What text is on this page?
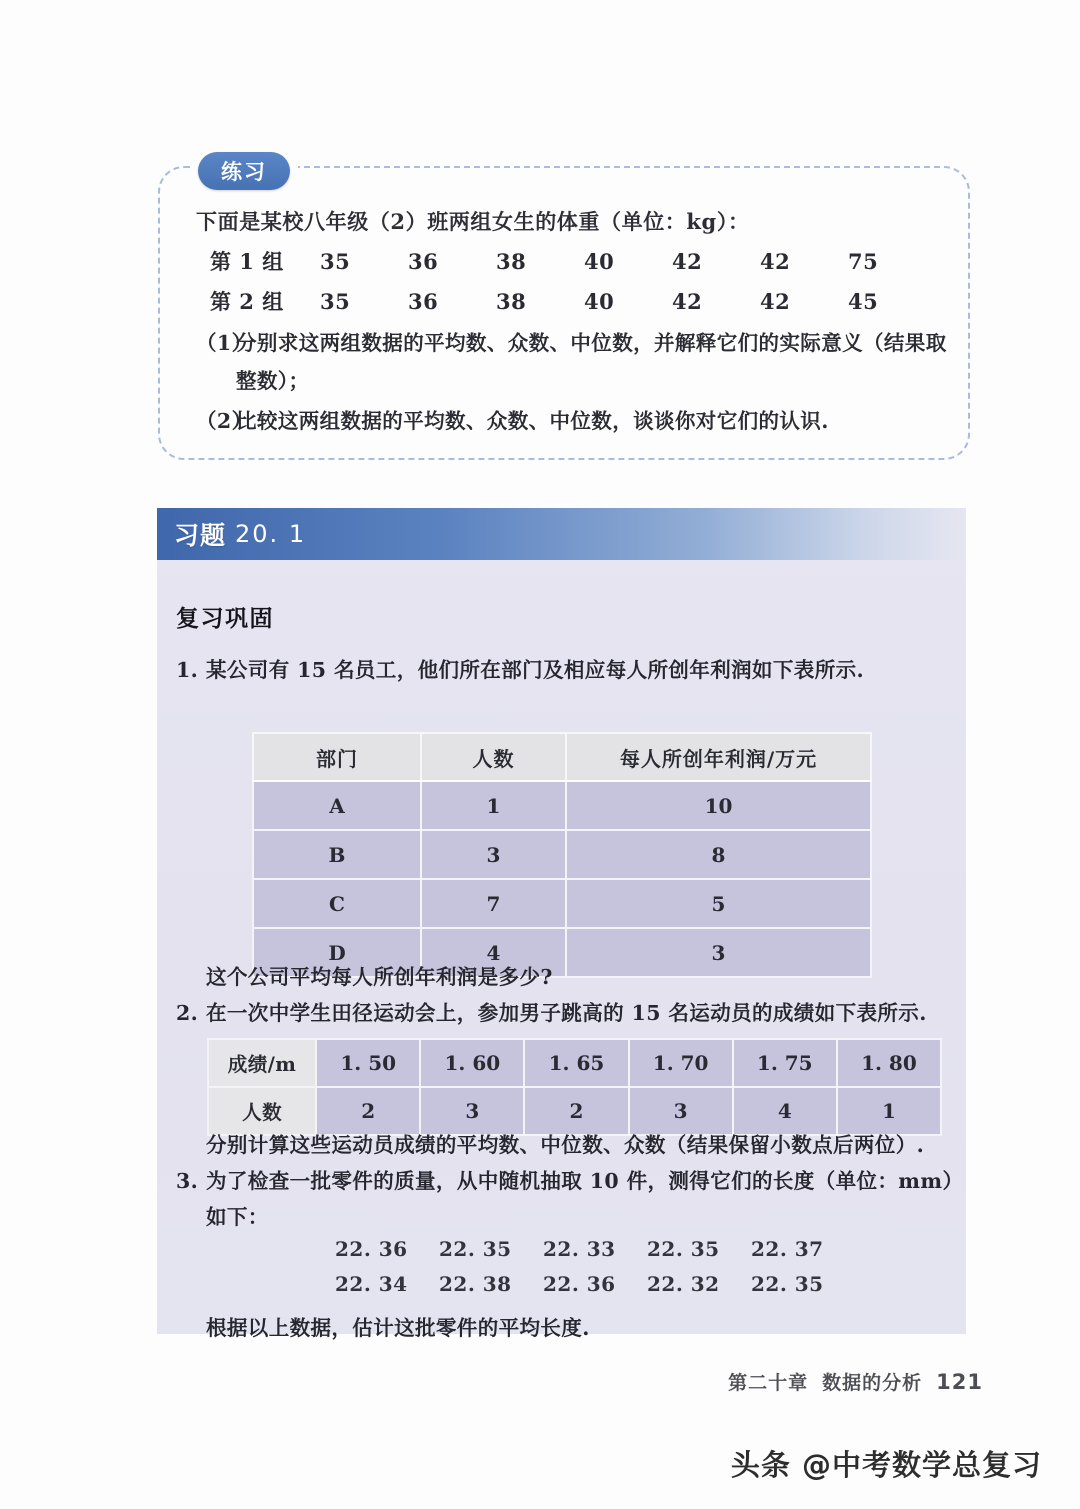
练习
下面是某校八年级（2）班两组女生的体重（单位：kg）：
第 1 组	35	36	38	40	42	42	75
第 2 组	35	36	38	40	42	42	45
（1）
分别求这两组数据的平均数、众数、中位数，并解释它们的实际意义（结果取整数）；
（2）
比较这两组数据的平均数、众数、中位数，谈谈你对它们的认识.
习题 20. 1
复习巩固
1. 某公司有 15 名员工，他们所在部门及相应每人所创年利润如下表所示.
部门	人数	每人所创年利润/万元
A	1	10
B	3	8
C	7	5
D	4	3
这个公司平均每人所创年利润是多少?
2. 在一次中学生田径运动会上，参加男子跳高的 15 名运动员的成绩如下表所示.
成绩/m	1. 50	1. 60	1. 65	1. 70	1. 75	1. 80
人数	2	3	2	3	4	1
分别计算这些运动员成绩的平均数、中位数、众数（结果保留小数点后两位）.
3. 为了检查一批零件的质量，从中随机抽取 10 件，测得它们的长度（单位：mm）
如下：
22. 36	22. 35	22. 33	22. 35	22. 37
22. 34	22. 38	22. 36	22. 32	22. 35
根据以上数据，估计这批零件的平均长度.
第二十章 数据的分析 121
头条 @中考数学总复习
